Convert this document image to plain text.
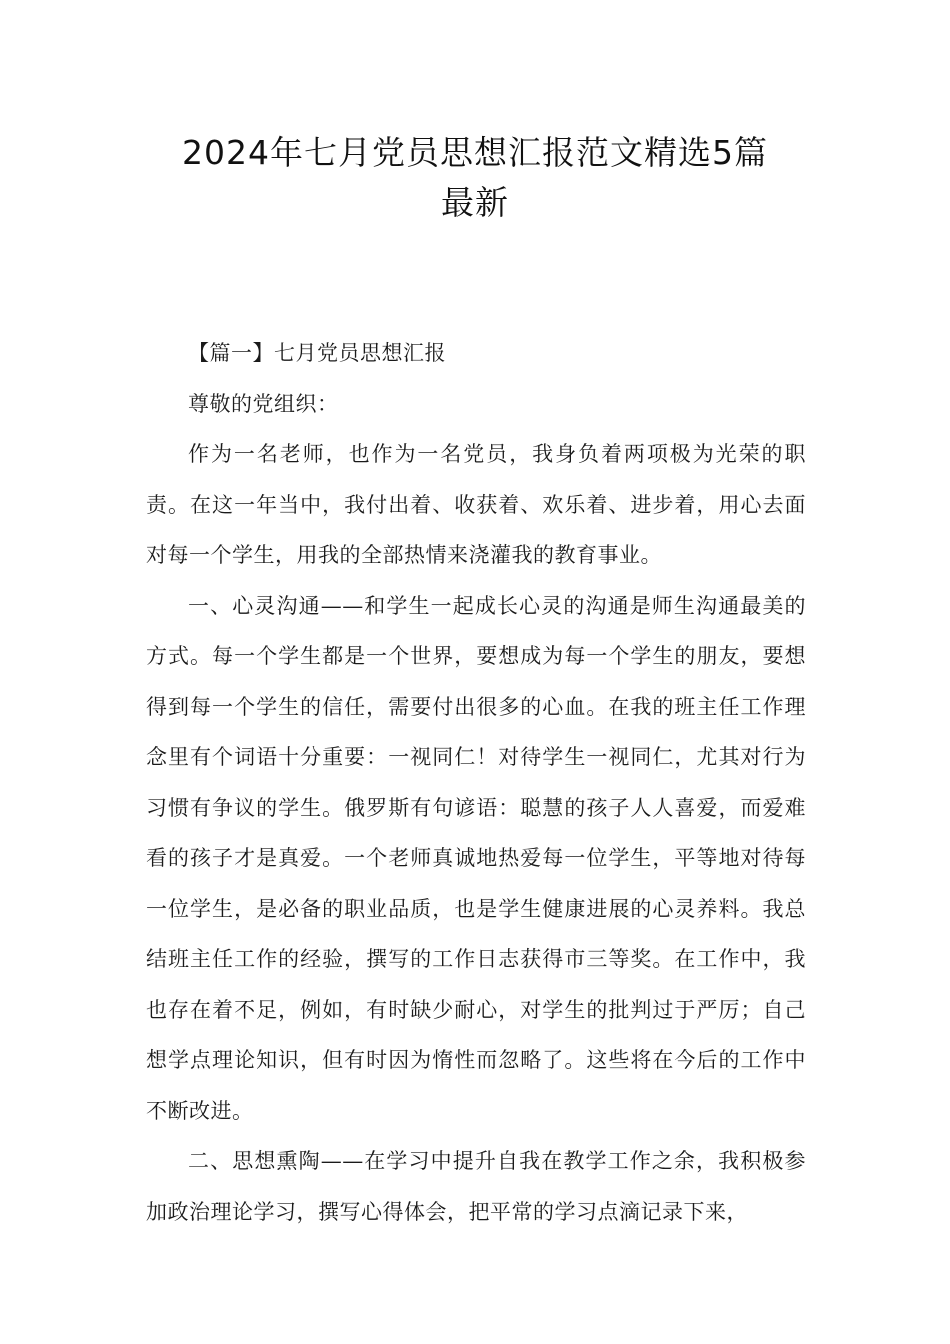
2024年七月党员思想汇报范文精选5篇
最新

【篇一】七月党员思想汇报

尊敬的党组织：

作为一名老师，也作为一名党员，我身负着两项极为光荣的职责。在这一年当中，我付出着、收获着、欢乐着、进步着，用心去面对每一个学生，用我的全部热情来浇灌我的教育事业。

一、心灵沟通——和学生一起成长心灵的沟通是师生沟通最美的方式。每一个学生都是一个世界，要想成为每一个学生的朋友，要想得到每一个学生的信任，需要付出很多的心血。在我的班主任工作理念里有个词语十分重要：一视同仁！对待学生一视同仁，尤其对行为习惯有争议的学生。俄罗斯有句谚语：聪慧的孩子人人喜爱，而爱难看的孩子才是真爱。一个老师真诚地热爱每一位学生，平等地对待每一位学生，是必备的职业品质，也是学生健康进展的心灵养料。我总结班主任工作的经验，撰写的工作日志获得市三等奖。在工作中，我也存在着不足，例如，有时缺少耐心，对学生的批判过于严厉；自己想学点理论知识，但有时因为惰性而忽略了。这些将在今后的工作中不断改进。

二、思想熏陶——在学习中提升自我在教学工作之余，我积极参加政治理论学习，撰写心得体会，把平常的学习点滴记录下来，
